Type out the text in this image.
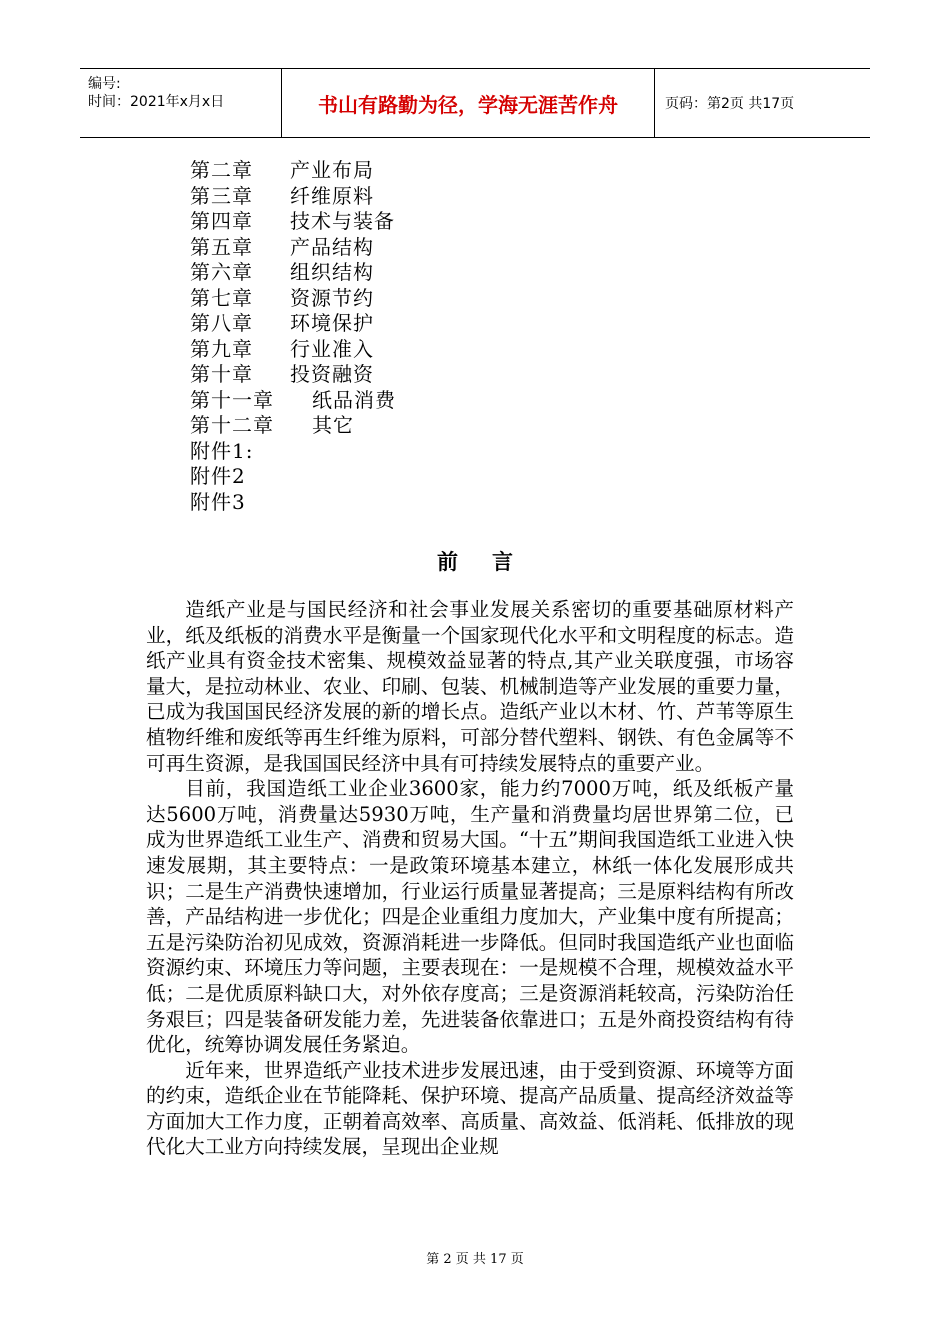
编号:
时间：2021年x月x日	书山有路勤为径，学海无涯苦作舟	页码：第2页 共17页
第二章 产业布局
第三章 纤维原料
第四章 技术与装备
第五章 产品结构
第六章 组织结构
第七章 资源节约
第八章 环境保护
第九章 行业准入
第十章 投资融资
第十一章 纸品消费
第十二章 其它
附件1:
附件2
附件3
前言

造纸产业是与国民经济和社会事业发展关系密切的重要基础原材料产业，纸及纸板的消费水平是衡量一个国家现代化水平和文明程度的标志。造纸产业具有资金技术密集、规模效益显著的特点,其产业关联度强，市场容量大，是拉动林业、农业、印刷、包装、机械制造等产业发展的重要力量，已成为我国国民经济发展的新的增长点。造纸产业以木材、竹、芦苇等原生植物纤维和废纸等再生纤维为原料，可部分替代塑料、钢铁、有色金属等不可再生资源，是我国国民经济中具有可持续发展特点的重要产业。

目前，我国造纸工业企业3600家，能力约7000万吨，纸及纸板产量达5600万吨，消费量达5930万吨，生产量和消费量均居世界第二位，已成为世界造纸工业生产、消费和贸易大国。“十五”期间我国造纸工业进入快速发展期，其主要特点：一是政策环境基本建立，林纸一体化发展形成共识；二是生产消费快速增加，行业运行质量显著提高；三是原料结构有所改善，产品结构进一步优化；四是企业重组力度加大，产业集中度有所提高；五是污染防治初见成效，资源消耗进一步降低。但同时我国造纸产业也面临资源约束、环境压力等问题，主要表现在：一是规模不合理，规模效益水平低；二是优质原料缺口大，对外依存度高；三是资源消耗较高，污染防治任务艰巨；四是装备研发能力差，先进装备依靠进口；五是外商投资结构有待优化，统筹协调发展任务紧迫。

近年来，世界造纸产业技术进步发展迅速，由于受到资源、环境等方面的约束，造纸企业在节能降耗、保护环境、提高产品质量、提高经济效益等方面加大工作力度，正朝着高效率、高质量、高效益、低消耗、低排放的现代化大工业方向持续发展，呈现出企业规

第 2 页 共 17 页
